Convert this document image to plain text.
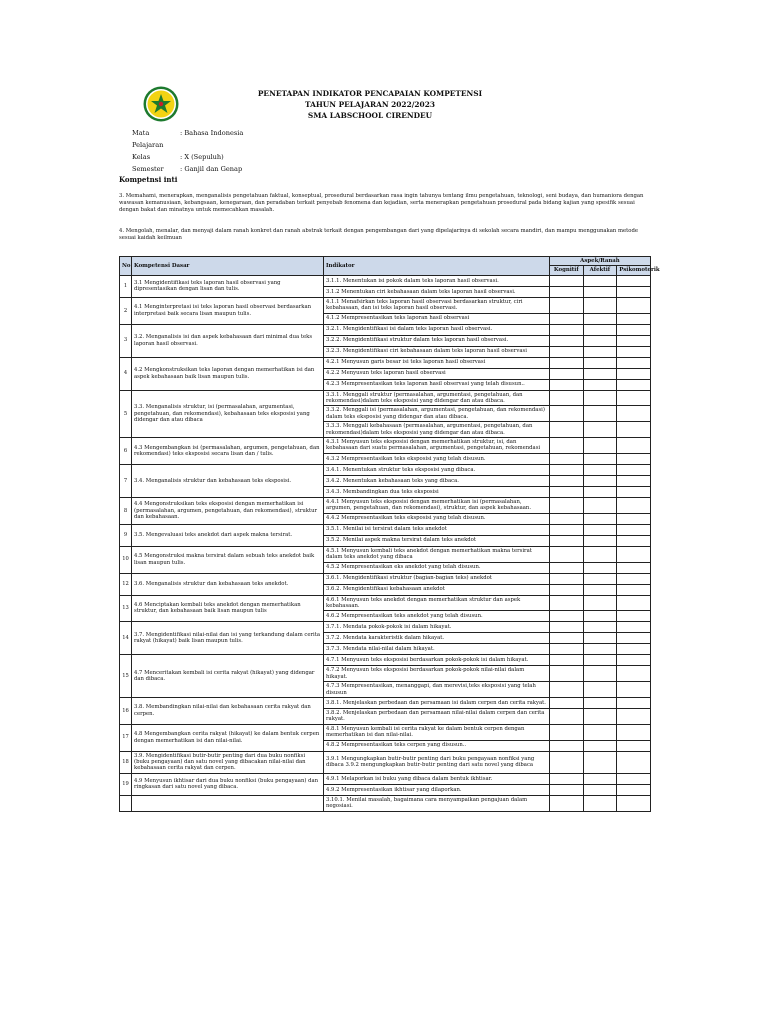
PENETAPAN INDIKATOR PENCAPAIAN KOMPETENSI
TAHUN PELAJARAN 2022/2023
SMA LABSCHOOL CIRENDEU
Mata Pelajaran
: Bahasa Indonesia
Kelas	: X (Sepuluh)
Semester	: Ganjil dan Genap
Kompetnsi inti
3. Memahami, menerapkan, menganalisis pengetahuan faktual, konseptual, prosedural berdasarkan rasa ingin tahunya tentang ilmu pengetahuan, teknologi, seni budaya, dan humaniora dengan wawasan kemanusiaan, kebangsaan, kenegaraan, dan peradaban terkait penyebab fenomena dan kejadian, serta menerapkan pengetahuan prosedural pada bidang kajian yang spesifik sesuai dengan bakat dan minatnya untuk memecahkan masalah.
4. Mengolah, menalar, dan menyaji dalam ranah konkret dan ranah abstrak terkait dengan pengembangan dari yang dipelajarinya di sekolah secara mandiri, dan mampu menggunakan metode sesuai kaidah keilmuan
No	Kompetensi Dasar	Indikator	Aspek/Ranah		
			Kognitif	Afektif	Psikomotorik
1	3.1 Mengidentifikasi teks laporan hasil observasi yang dipresentasikan dengan lisan dan tulis.	3.1.1. Menentukan isi pokok dalam teks laporan hasil observasi.			
		3.1.2 Menentukan ciri kebahasaan dalam teks laporan hasil observasi.			
2	4.1 Menginterpretasi isi teks laporan hasil observasi berdasarkan interpretasi baik secara lisan maupun tulis.	4.1.1 Menafsirkan teks laporan hasil observasi berdasarkan struktur, ciri kebahasaan, dan isi teks laporan hasil observasi.			
		4.1.2 Mempresentasikan teks laporan hasil observasi			
3	3.2. Menganalisis isi dan aspek kebahasaan dari minimal dua teks laporan hasil observasi.	3.2.1. Mengidentifikasi isi dalam teks laporan hasil observasi.			
		3.2.2. Mengidentifikasi struktur dalam teks laporan hasil observasi.			
		3.2.3. Mengidentifikasi ciri kebahasaan dalam teks laporan hasil observasi			
4	4.2 Mengkonstruksikan teks laporan dengan memerhatikan isi dan aspek kebahasaan baik lisan maupun tulis.	4.2.1 Menyusun garis besar isi teks laporan hasil observasi			
		4.2.2 Menyusun teks laporan hasil observasi			
		4.2.3 Mempresentasikan teks laporan hasil observasi yang telah disusun..			
5	3.3. Menganalisis struktur, isi (permasalahan, argumentasi, pengetahuan, dan rekomendasi), kebahasaan teks eksposisi yang didengar dan atau dibaca	3.3.1. Menggali struktur (permasalahan, argumentasi, pengetahuan, dan rekomendasi)dalam teks eksposisi yang didengar dan atau dibaca.			
		3.3.2. Menggali isi (permasalahan, argumentasi, pengetahuan, dan rekomendasi) dalam teks eksposisi yang didengar dan atau dibaca.			
		3.3.3. Menggali kebahasaan (permasalahan, argumentasi, pengetahuan, dan rekomendasi)dalam teks eksposisi yang didengar dan atau dibaca.			
6	4.3 Mengembangkan isi (permasalahan, argumen, pengetahuan, dan rekomendasi) teks eksposisi secara lisan dan / tulis.	4.3.1 Menyusun teks eksposisi dengan memerhatikan struktur, isi, dan kebahasaan dari suatu permasalahan, argumentasi, pengetahuan, rekomendasi			
		4.3.2 Mempresentasikan teks eksposisi yang telah disusun.			
7	3.4. Menganalisis struktur dan kebahasaan teks eksposisi.	3.4.1. Menentukan struktur teks eksposisi yang dibaca.			
		3.4.2. Menentukan kebahasaan teks yang dibaca.			
		3.4.3. Membandingkan dua teks eksposisi			
8	4.4 Mengonstruksikan teks eksposisi dengan memerhatikan isi (permasalahan, argumen, pengetahuan, dan rekomendasi), struktur dan kebahasaan.	4.4.1 Menyusun teks eksposisi dengan memerhatikan isi (permasalahan, argumen, pengetahuan, dan rekomendasi), struktur, dan aspek kebahasaan.			
		4.4.2 Mempresentasikan teks eksposisi yang telah disusun.			
9	3.5. Mengevaluasi teks anekdot dari aspek makna tersirat.	3.5.1. Menilai isi tersirat dalam teks anekdot			
		3.5.2. Menilai aspek makna tersirat dalam teks anekdot			
10	4.5 Mengonstruksi makna tersirat dalam sebuah teks anekdot baik lisan maupun tulis.	4.5.1 Menyusun kembali teks anekdot dengan memerhatikan makna tersirat dalam teks anekdot yang dibaca			
		4.5.2 Mempresentasikan eks anekdot yang telah disusun.			
12	3.6. Menganalisis struktur dan kebahasaan teks anekdot.	3.6.1. Mengidentifikasi struktur (bagian-bagian teks) anekdot			
		3.6.2. Mengidentifikasi kebahasaan anekdot			
13	4.6 Menciptakan kembali teks anekdot dengan memerhatikan struktur, dan kebahasaan baik lisan maupun tulis	4.6.1 Menyusun teks anekdot dengan memerhatikan struktur dan aspek kebahasaan.			
		4.6.2 Mempresentasikan teks anekdot yang telah disusun.			
14	3.7. Mengidentifikasi nilai-nilai dan isi yang terkandung dalam cerita rakyat (hikayat) baik lisan maupun tulis.	3.7.1. Mendata pokok-pokok isi dalam hikayat.			
		3.7.2. Mendata karakteristik dalam hikayat.			
		3.7.3. Mendata nilai-nilai dalam hikayat.			
15	4.7 Menceritakan kembali isi cerita rakyat (hikayat) yang didengar dan dibaca.	4.7.1 Menyusun teks eksposisi berdasarkan pokok-pokok isi dalam hikayat.			
		4.7.2 Menyusun teks eksposisi berdasarkan pokok-pokok nilai-nilai dalam hikayat.			
		4.7.3 Mempresentasikan, menanggapi, dan merevisi,teks eksposisi yang telah disusun			
16	3.8. Membandingkan nilai-nilai dan kebahasaan cerita rakyat dan cerpen.	3.8.1. Menjelaskan perbedaan dan persamaan isi dalam cerpen dan cerita rakyat.			
		3.8.2. Menjelaskan perbedaan dan persamaan nilai-nilai dalam cerpen dan cerita rakyat.			
17	4.8 Mengembangkan cerita rakyat (hikayat) ke dalam bentuk cerpen dengan memerhatikan isi dan nilai-nilai.	4.8.1 Menyusun kembali isi cerita rakyat ke dalam bentuk cerpen dengan memerhatikan isi dan nilai-nilai.			
		4.8.2 Mempresentasikan teks cerpen yang disusun..			
18	3.9. Mengidentifikasi butir-butir penting dari dua buku nonfiksi (buku pengayaan) dan satu novel yang dibacakan nilai-nilai dan kebahasaan cerita rakyat dan cerpen.	3.9.1 Mengungkapkan butir-butir penting dari buku pengayaan nonfiksi yang dibaca 3.9.2 mengungkapkan butir-butir penting dari satu novel yang dibaca			
19	4.9 Menyusun ikhtisar dari dua buku nonfiksi (buku pengayaan) dan ringkasan dari satu novel yang dibaca.	4.9.1 Melaporkan isi buku yang dibaca dalam bentuk ikhtisar.			
		4.9.2 Mempresentasikan ikhtisar yang dilaporkan.			
		3.10.1. Menilai masalah, bagaimana cara menyampaikan pengajuan dalam negosiasi.			
